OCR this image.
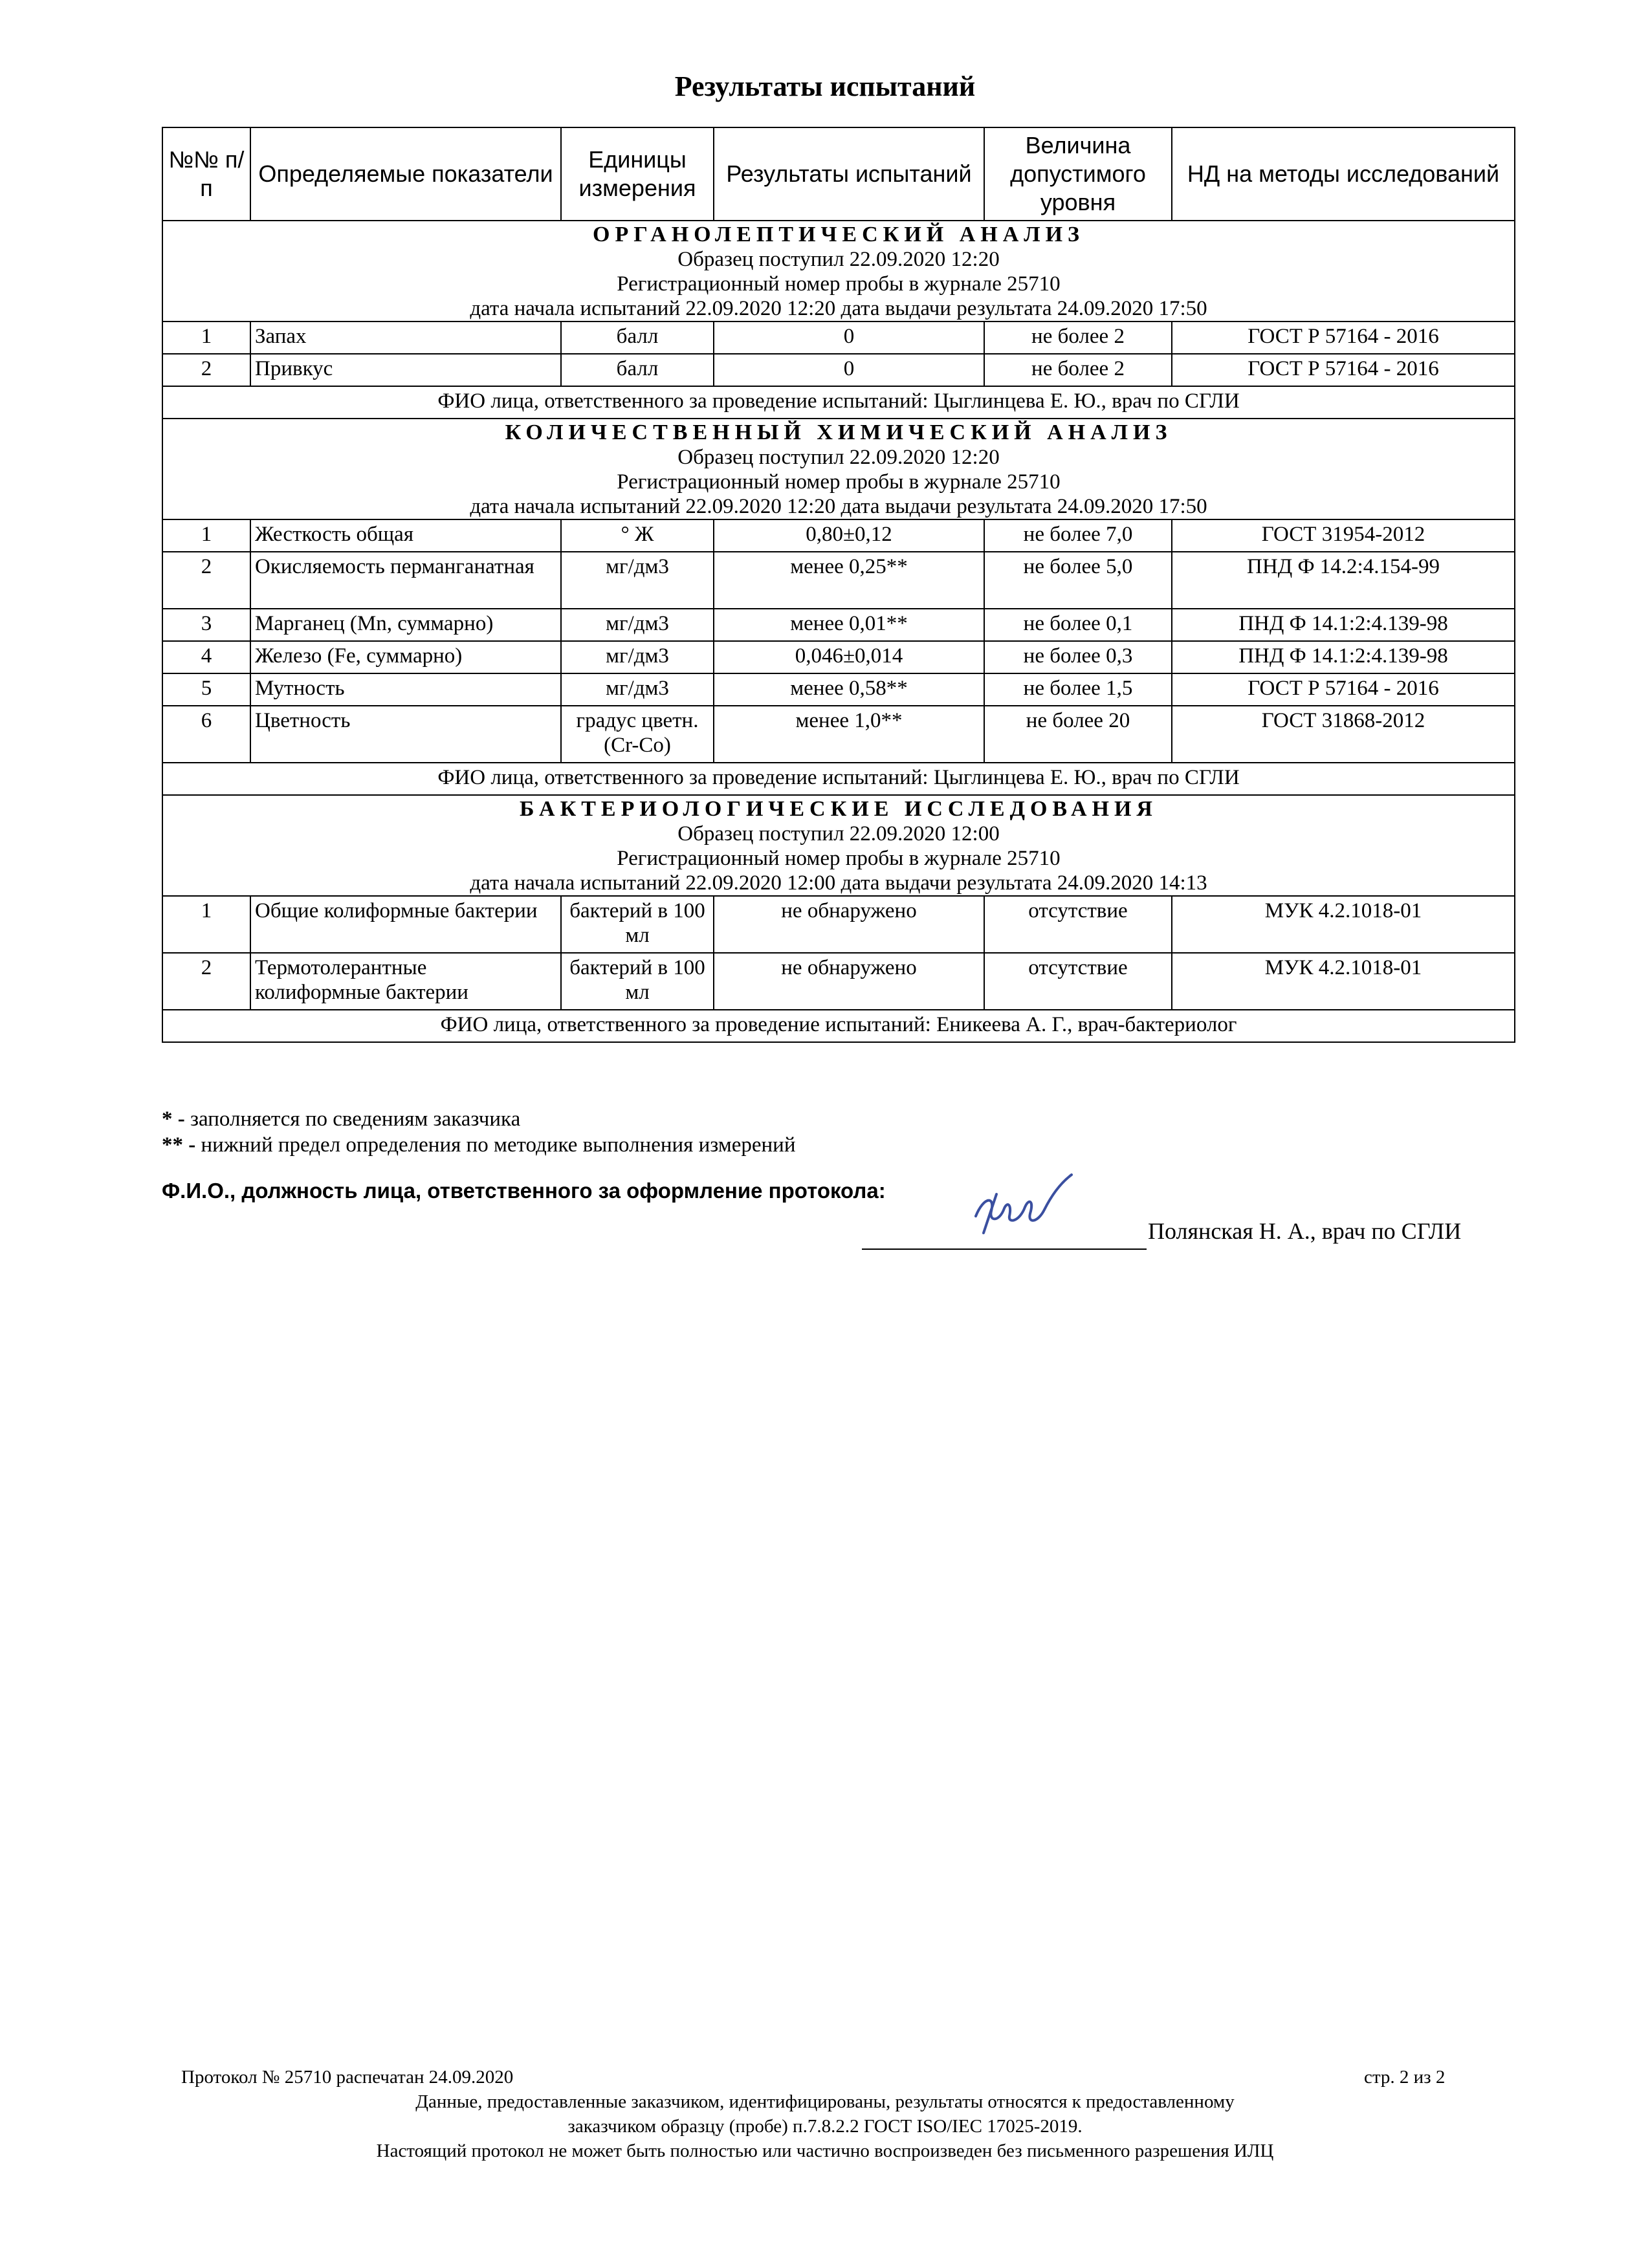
Результаты испытаний
№№ п/п	Определяемые показатели	Единицы измерения	Результаты испытаний	Величина допустимого уровня	НД на методы исследований

ОРГАНОЛЕПТИЧЕСКИЙ АНАЛИЗ
Образец поступил 22.09.2020 12:20
Регистрационный номер пробы в журнале 25710
дата начала испытаний 22.09.2020 12:20 дата выдачи результата 24.09.2020 17:50					

1	Запах	балл	0	не более 2	ГОСТ Р 57164 - 2016
2	Привкус	балл	0	не более 2	ГОСТ Р 57164 - 2016
ФИО лица, ответственного за проведение испытаний: Цыглинцева Е. Ю., врач по СГЛИ					

КОЛИЧЕСТВЕННЫЙ ХИМИЧЕСКИЙ АНАЛИЗ
Образец поступил 22.09.2020 12:20
Регистрационный номер пробы в журнале 25710
дата начала испытаний 22.09.2020 12:20 дата выдачи результата 24.09.2020 17:50					

1	Жесткость общая	° Ж	0,80±0,12	не более 7,0	ГОСТ 31954-2012
2	Окисляемость перманганатная	мг/дм3	менее 0,25**	не более 5,0	ПНД Ф 14.2:4.154-99
3	Марганец (Mn, суммарно)	мг/дм3	менее 0,01**	не более 0,1	ПНД Ф 14.1:2:4.139-98
4	Железо (Fe, суммарно)	мг/дм3	0,046±0,014	не более 0,3	ПНД Ф 14.1:2:4.139-98
5	Мутность	мг/дм3	менее 0,58**	не более 1,5	ГОСТ Р 57164 - 2016
6	Цветность	градус цветн.(Cr-Co)	менее 1,0**	не более 20	ГОСТ 31868-2012
ФИО лица, ответственного за проведение испытаний: Цыглинцева Е. Ю., врач по СГЛИ					

БАКТЕРИОЛОГИЧЕСКИЕ ИССЛЕДОВАНИЯ
Образец поступил 22.09.2020 12:00
Регистрационный номер пробы в журнале 25710
дата начала испытаний 22.09.2020 12:00 дата выдачи результата 24.09.2020 14:13					

1	Общие колиформные бактерии	бактерий в 100 мл	не обнаружено	отсутствие	МУК 4.2.1018-01
2	Термотолерантные колиформные бактерии	бактерий в 100 мл	не обнаружено	отсутствие	МУК 4.2.1018-01
ФИО лица, ответственного за проведение испытаний: Еникеева А. Г., врач-бактериолог					
* - заполняется по сведениям заказчика
** - нижний предел определения по методике выполнения измерений
Ф.И.О., должность лица, ответственного за оформление протокола:
Полянская Н. А., врач по СГЛИ
Протокол № 25710 распечатан 24.09.2020	стр. 2 из 2
Данные, предоставленные заказчиком, идентифицированы, результаты относятся к предоставленному
заказчиком образцу (пробе) п.7.8.2.2 ГОСТ ISO/IEC 17025-2019.
Настоящий протокол не может быть полностью или частично воспроизведен без письменного разрешения ИЛЦ
